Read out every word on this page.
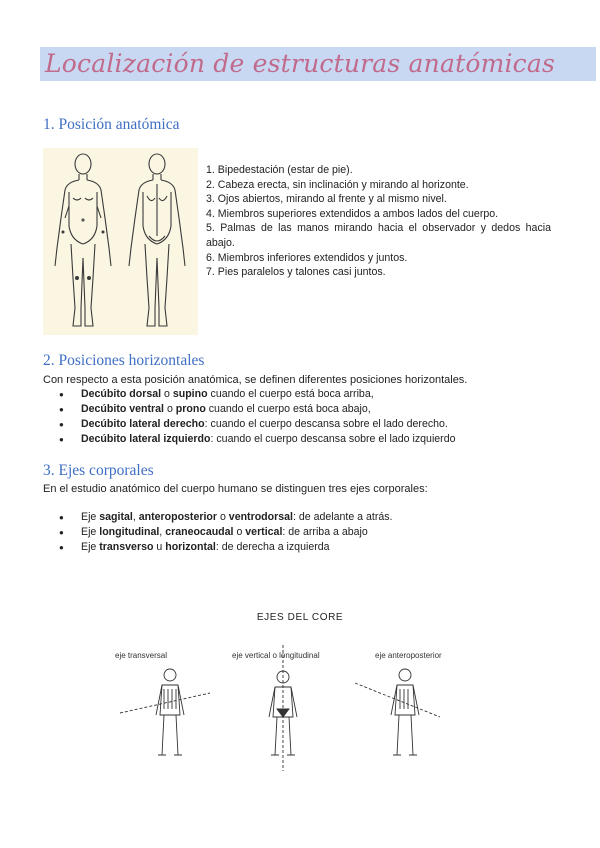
Localización de estructuras anatómicas
1. Posición anatómica
1. Bipedestación (estar de pie).
2. Cabeza erecta, sin inclinación y mirando al horizonte.
3. Ojos abiertos, mirando al frente y al mismo nivel.
4. Miembros superiores extendidos a ambos lados del cuerpo.
5. Palmas de las manos mirando hacia el observador y dedos hacia abajo.
6. Miembros inferiores extendidos y juntos.
7. Pies paralelos y talones casi juntos.
2. Posiciones horizontales
Con respecto a esta posición anatómica, se definen diferentes posiciones horizontales.
● Decúbito dorsal o supino cuando el cuerpo está boca arriba,
● Decúbito ventral o prono cuando el cuerpo está boca abajo,
● Decúbito lateral derecho: cuando el cuerpo descansa sobre el lado derecho.
● Decúbito lateral izquierdo: cuando el cuerpo descansa sobre el lado izquierdo
3. Ejes corporales
En el estudio anatómico del cuerpo humano se distinguen tres ejes corporales:
● Eje sagital, anteroposterior o ventrodorsal: de adelante a atrás.
● Eje longitudinal, craneocaudal o vertical: de arriba a abajo
● Eje transverso u horizontal: de derecha a izquierda
EJES DEL CORE
eje transversal	eje vertical o longitudinal	eje anteroposterior
